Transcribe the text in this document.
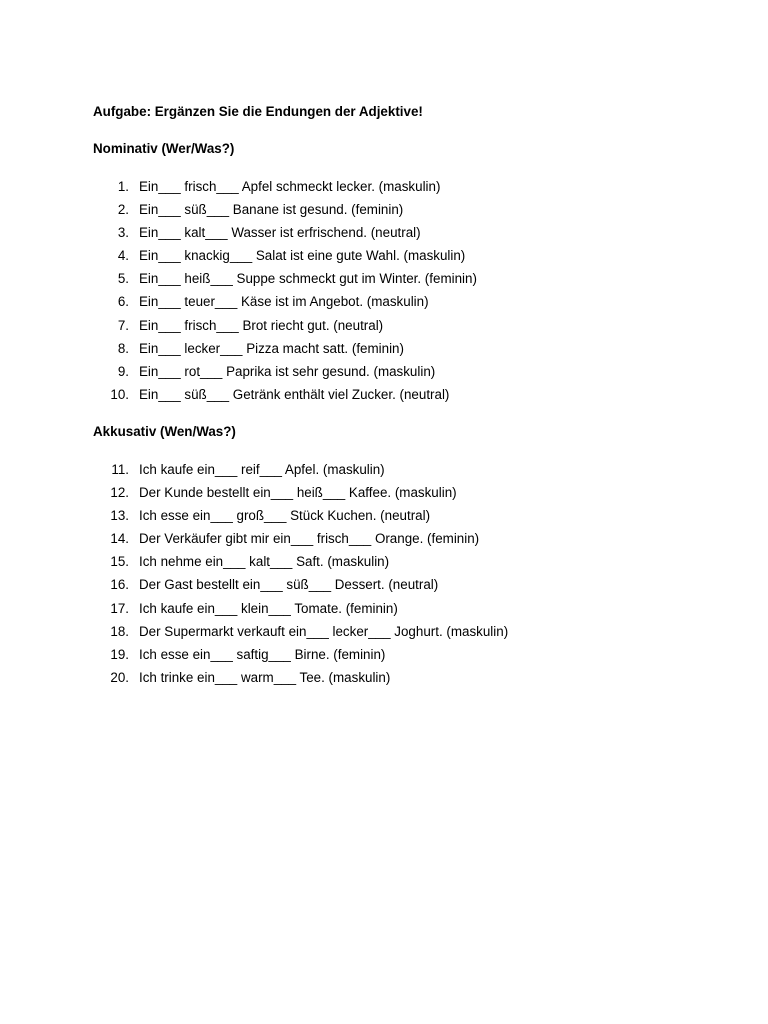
Aufgabe: Ergänzen Sie die Endungen der Adjektive!

Nominativ (Wer/Was?)

1. Ein___ frisch___ Apfel schmeckt lecker. (maskulin)
2. Ein___ süß___ Banane ist gesund. (feminin)
3. Ein___ kalt___ Wasser ist erfrischend. (neutral)
4. Ein___ knackig___ Salat ist eine gute Wahl. (maskulin)
5. Ein___ heiß___ Suppe schmeckt gut im Winter. (feminin)
6. Ein___ teuer___ Käse ist im Angebot. (maskulin)
7. Ein___ frisch___ Brot riecht gut. (neutral)
8. Ein___ lecker___ Pizza macht satt. (feminin)
9. Ein___ rot___ Paprika ist sehr gesund. (maskulin)
10. Ein___ süß___ Getränk enthält viel Zucker. (neutral)

Akkusativ (Wen/Was?)

11. Ich kaufe ein___ reif___ Apfel. (maskulin)
12. Der Kunde bestellt ein___ heiß___ Kaffee. (maskulin)
13. Ich esse ein___ groß___ Stück Kuchen. (neutral)
14. Der Verkäufer gibt mir ein___ frisch___ Orange. (feminin)
15. Ich nehme ein___ kalt___ Saft. (maskulin)
16. Der Gast bestellt ein___ süß___ Dessert. (neutral)
17. Ich kaufe ein___ klein___ Tomate. (feminin)
18. Der Supermarkt verkauft ein___ lecker___ Joghurt. (maskulin)
19. Ich esse ein___ saftig___ Birne. (feminin)
20. Ich trinke ein___ warm___ Tee. (maskulin)
